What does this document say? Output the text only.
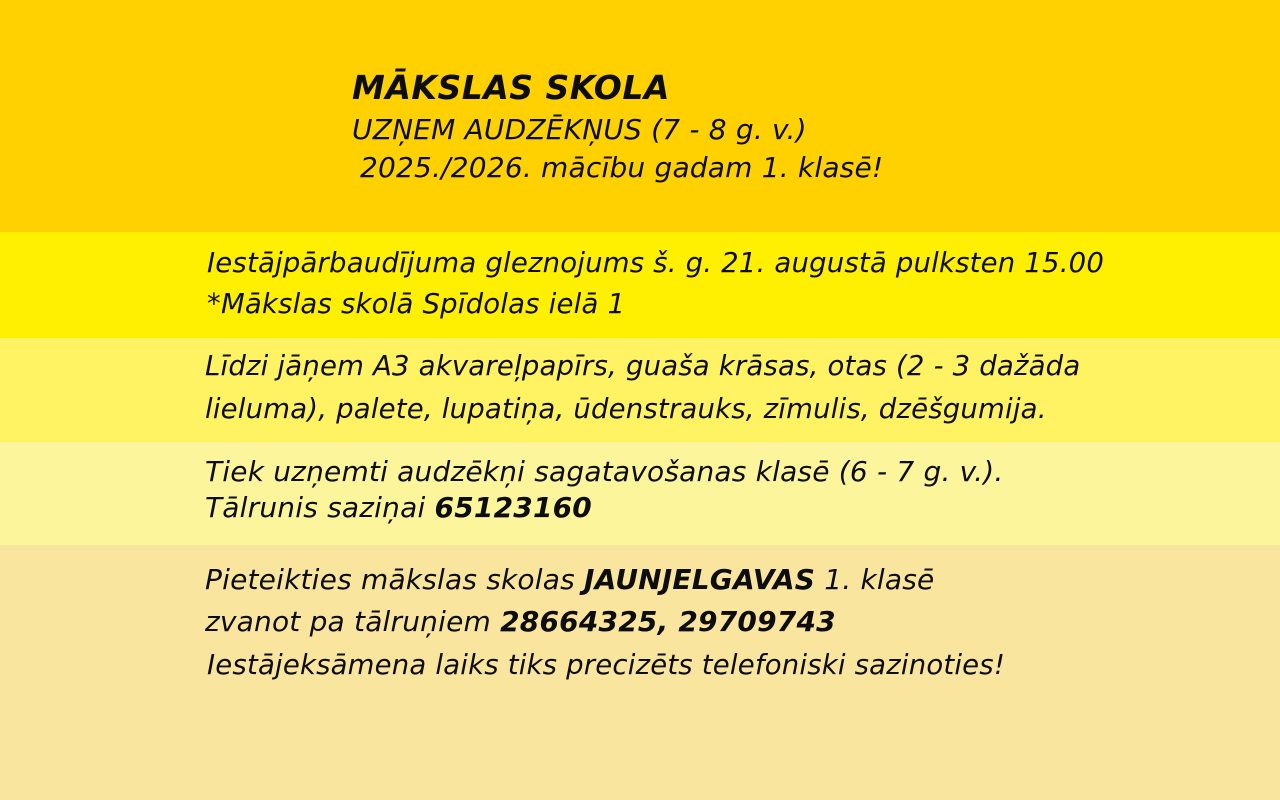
MĀKSLAS SKOLA
UZŅEM AUDZĒKŅUS (7 - 8 g. v.)
2025./2026. mācību gadam 1. klasē!
Iestājpārbaudījuma gleznojums š. g. 21. augustā pulksten 15.00
*Mākslas skolā Spīdolas ielā 1
Līdzi jāņem A3 akvareļpapīrs, guaša krāsas, otas (2 - 3 dažāda
lieluma), palete, lupatiņa, ūdenstrauks, zīmulis, dzēšgumija.
Tiek uzņemti audzēkņi sagatavošanas klasē (6 - 7 g. v.).
Tālrunis saziņai 65123160
Pieteikties mākslas skolas JAUNJELGAVAS 1. klasē
zvanot pa tālruņiem 28664325, 29709743
Iestājeksāmena laiks tiks precizēts telefoniski sazinoties!
